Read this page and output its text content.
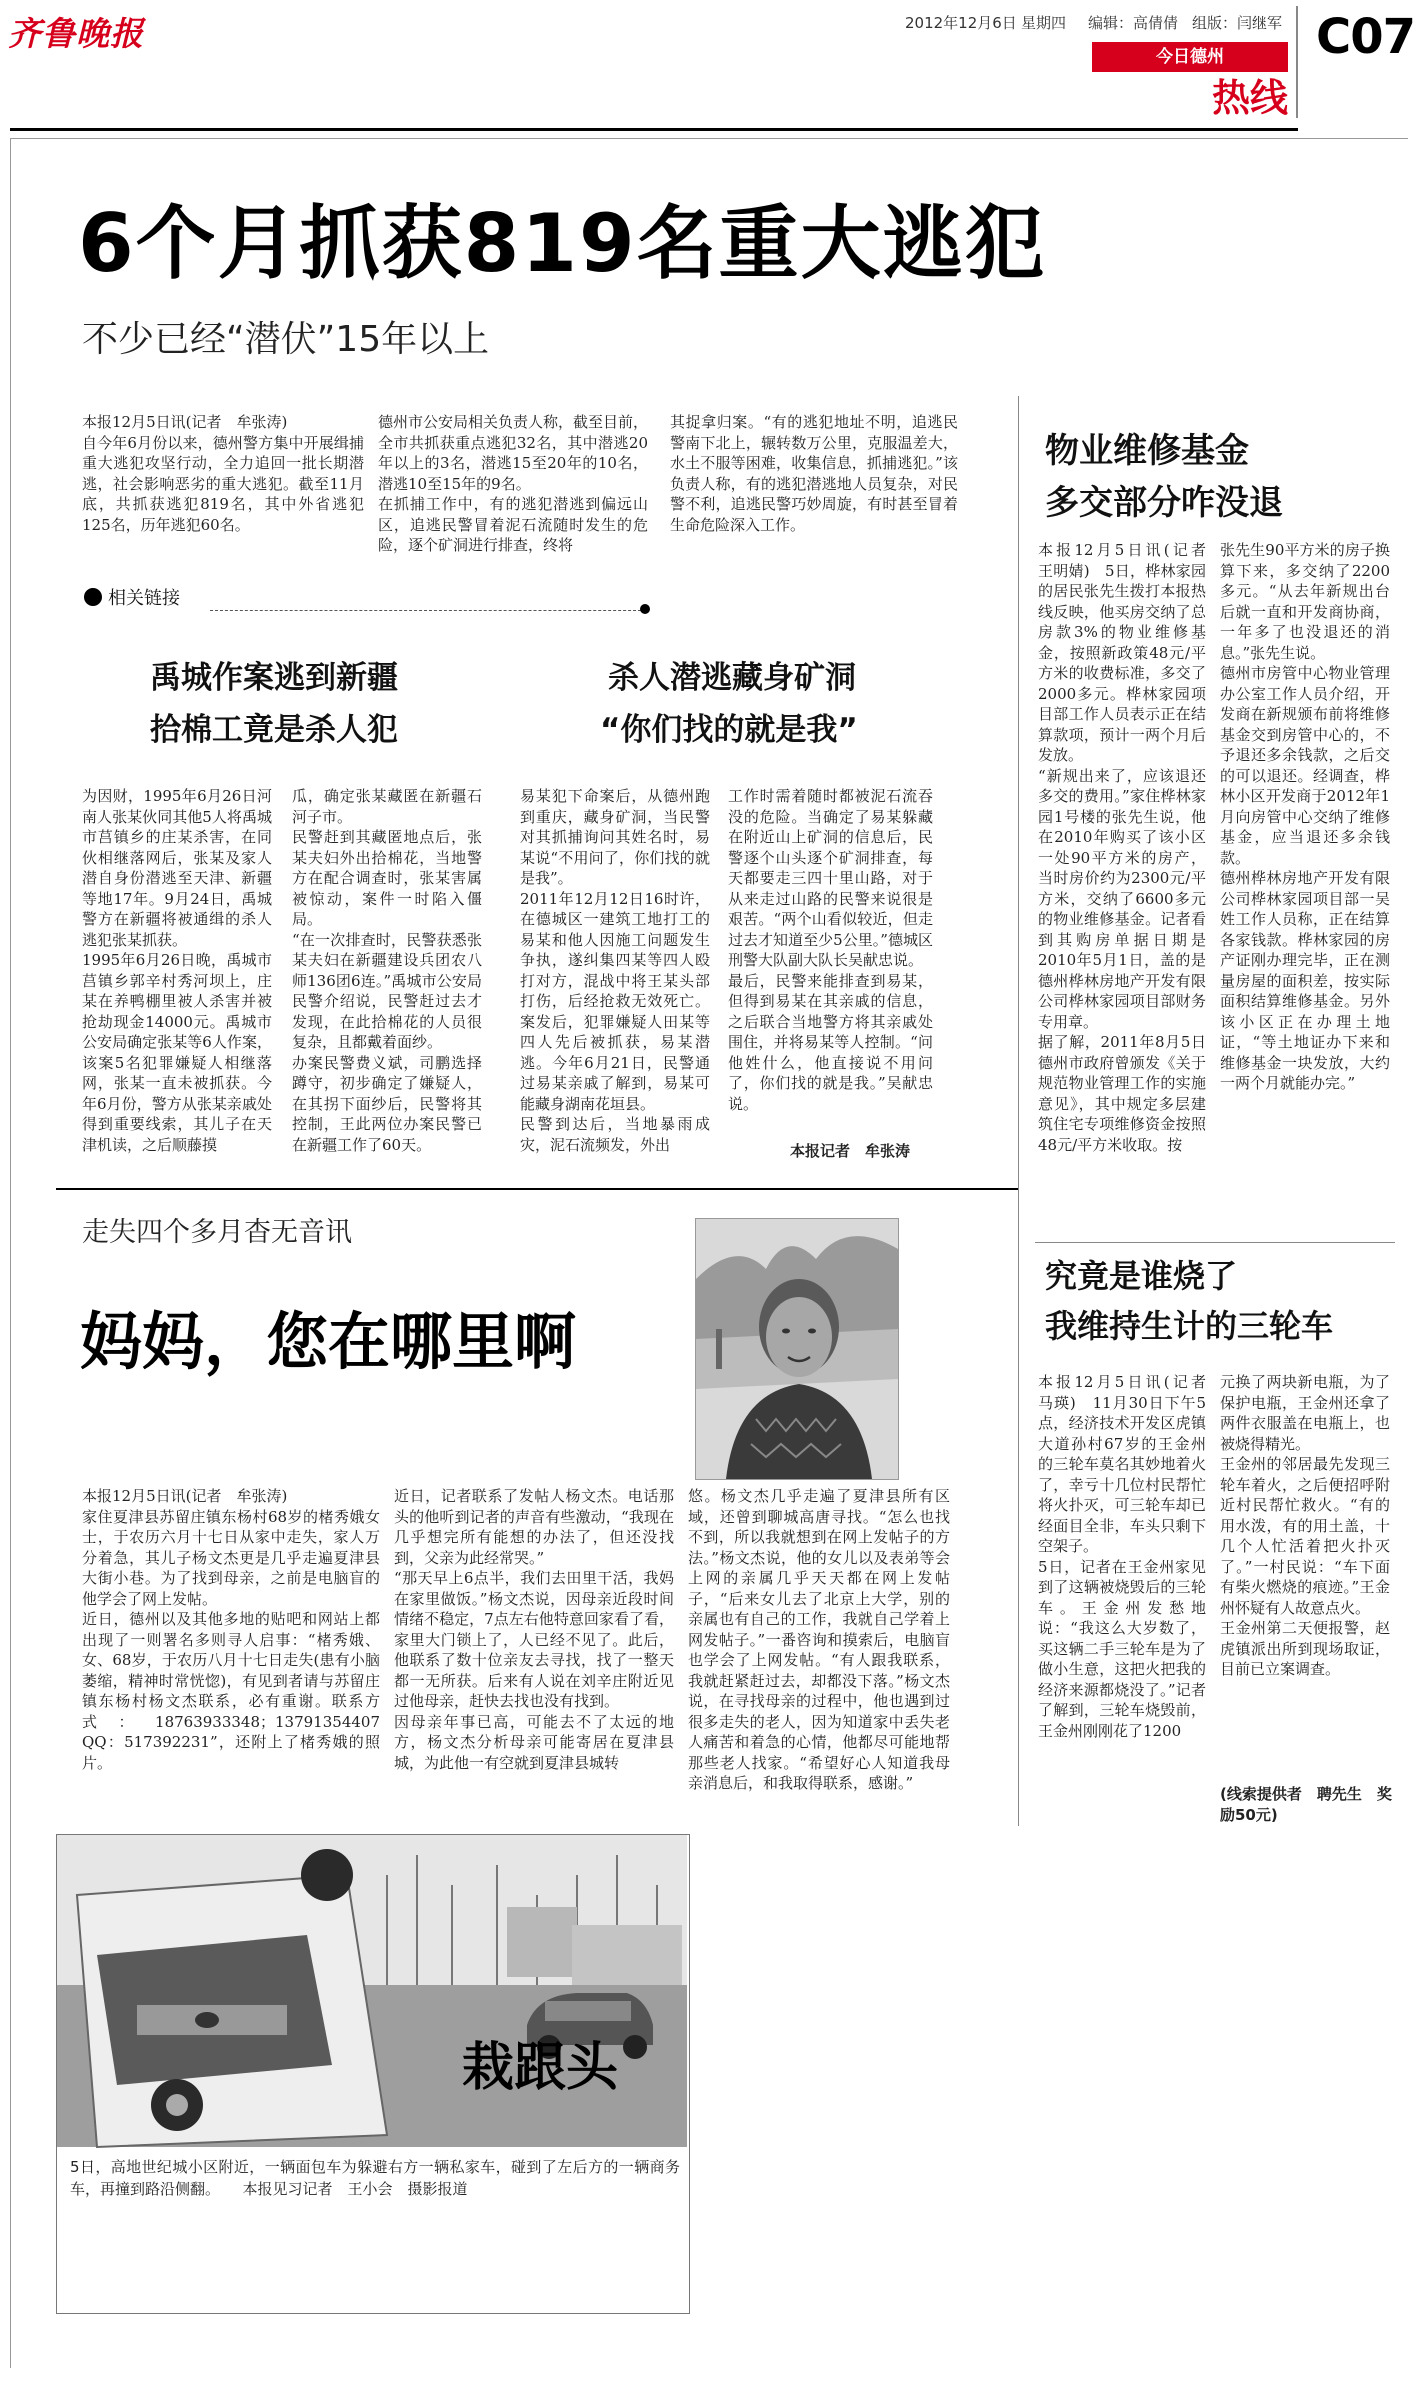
齐鲁晚报	2012年12月6日 星期四 编辑：高倩倩 组版：闫继军 C07
今日德州
热线
6个月抓获819名重大逃犯
不少已经“潜伏”15年以上
本报12月5日讯(记者　牟张涛)
自今年6月份以来，德州警方集中开展缉捕重大逃犯攻坚行动，全力追回一批长期潜逃，社会影响恶劣的重大逃犯。截至11月底，共抓获逃犯819名，其中外省逃犯125名，历年逃犯60名。
德州市公安局相关负责人称，截至目前，全市共抓获重点逃犯32名，其中潜逃20年以上的3名，潜逃15至20年的10名，潜逃10至15年的9名。
在抓捕工作中，有的逃犯潜逃到偏远山区，追逃民警冒着泥石流随时发生的危险，逐个矿洞进行排查，终将
其捉拿归案。“有的逃犯地址不明，追逃民警南下北上，辗转数万公里，克服温差大，水土不服等困难，收集信息，抓捕逃犯。”该负责人称，有的逃犯潜逃地人员复杂，对民警不利，追逃民警巧妙周旋，有时甚至冒着生命危险深入工作。
相关链接
禹城作案逃到新疆
拾棉工竟是杀人犯
为因财，1995年6月26日河南人张某伙同其他5人将禹城市莒镇乡的庄某杀害，在同伙相继落网后，张某及家人潜自身份潜逃至天津、新疆等地17年。9月24日，禹城警方在新疆将被通缉的杀人逃犯张某抓获。
1995年6月26日晚，禹城市莒镇乡郭辛村秀河坝上，庄某在养鸭棚里被人杀害并被抢劫现金14000元。禹城市公安局确定张某等6人作案，该案5名犯罪嫌疑人相继落网，张某一直未被抓获。今年6月份，警方从张某亲戚处得到重要线索，其儿子在天津机读，之后顺藤摸
瓜，确定张某藏匿在新疆石河子市。
民警赶到其藏匿地点后，张某夫妇外出拾棉花，当地警方在配合调查时，张某害属被惊动，案件一时陷入僵局。
“在一次排查时，民警获悉张某夫妇在新疆建设兵团农八师136团6连。”禹城市公安局民警介绍说，民警赶过去才发现，在此拾棉花的人员很复杂，且都戴着面纱。
办案民警费义斌，司鹏选择蹲守，初步确定了嫌疑人，在其拐下面纱后，民警将其控制，王此两位办案民警已在新疆工作了60天。
杀人潜逃藏身矿洞
“你们找的就是我”
易某犯下命案后，从德州跑到重庆，藏身矿洞，当民警对其抓捕询问其姓名时，易某说“不用问了，你们找的就是我”。
2011年12月12日16时许，在德城区一建筑工地打工的易某和他人因施工问题发生争执，遂纠集四某等四人殴打对方，混战中将王某头部打伤，后经抢救无效死亡。案发后，犯罪嫌疑人田某等四人先后被抓获，易某潜逃。今年6月21日，民警通过易某亲戚了解到，易某可能藏身湖南花垣县。
民警到达后，当地暴雨成灾，泥石流频发，外出
工作时需着随时都被泥石流吞没的危险。当确定了易某躲藏在附近山上矿洞的信息后，民警逐个山头逐个矿洞排查，每天都要走三四十里山路，对于从来走过山路的民警来说很是艰苦。“两个山看似较近，但走过去才知道至少5公里。”德城区刑警大队副大队长吴献忠说。
最后，民警来能排查到易某，但得到易某在其亲戚的信息，之后联合当地警方将其亲戚处围住，并将易某等人控制。“问他姓什么，他直接说不用问了，你们找的就是我。”吴献忠说。
本报记者　牟张涛
走失四个多月杳无音讯
妈妈，您在哪里啊
本报12月5日讯(记者　牟张涛)
家住夏津县苏留庄镇东杨村68岁的楮秀娥女士，于农历六月十七日从家中走失，家人万分着急，其儿子杨文杰更是几乎走遍夏津县大街小巷。为了找到母亲，之前是电脑盲的他学会了网上发帖。
近日，德州以及其他多地的贴吧和网站上都出现了一则署名多则寻人启事：“楮秀娥、女、68岁，于农历八月十七日走失(患有小脑萎缩，精神时常恍惚)，有见到者请与苏留庄镇东杨村杨文杰联系，必有重谢。联系方式：18763933348；13791354407　QQ：517392231”，还附上了楮秀娥的照片。
近日，记者联系了发帖人杨文杰。电话那头的他听到记者的声音有些激动，“我现在几乎想完所有能想的办法了，但还没找到，父亲为此经常哭。”
“那天早上6点半，我们去田里干活，我妈在家里做饭。”杨文杰说，因母亲近段时间情绪不稳定，7点左右他特意回家看了看，家里大门锁上了，人已经不见了。此后，他联系了数十位亲友去寻找，找了一整天都一无所获。后来有人说在刘辛庄附近见过他母亲，赶快去找也没有找到。
因母亲年事已高，可能去不了太远的地方，杨文杰分析母亲可能寄居在夏津县城，为此他一有空就到夏津县城转
悠。杨文杰几乎走遍了夏津县所有区域，还曾到聊城高唐寻找。“怎么也找不到，所以我就想到在网上发帖子的方法。”杨文杰说，他的女儿以及表弟等会上网的亲属几乎天天都在网上发帖子，“后来女儿去了北京上大学，别的亲属也有自己的工作，我就自己学着上网发帖子。”一番咨询和摸索后，电脑盲也学会了上网发帖。“有人跟我联系，我就赶紧赶过去，却都没下落。”杨文杰说，在寻找母亲的过程中，他也遇到过很多走失的老人，因为知道家中丢失老人痛苦和着急的心情，他都尽可能地帮那些老人找家。“希望好心人知道我母亲消息后，和我取得联系，感谢。”
栽跟头
5日，高地世纪城小区附近，一辆面包车为躲避右方一辆私家车，碰到了左后方的一辆商务车，再撞到路沿侧翻。　　本报见习记者　王小会　摄影报道
物业维修基金
多交部分咋没退
本报12月5日讯(记者　王明婧)　5日，桦林家园的居民张先生拨打本报热线反映，他买房交纳了总房款3%的物业维修基金，按照新政策48元/平方米的收费标准，多交了2000多元。桦林家园项目部工作人员表示正在结算款项，预计一两个月后发放。
“新规出来了，应该退还多交的费用。”家住桦林家园1号楼的张先生说，他在2010年购买了该小区一处90平方米的房产，当时房价约为2300元/平方米，交纳了6600多元的物业维修基金。记者看到其购房单据日期是2010年5月1日，盖的是德州桦林房地产开发有限公司桦林家园项目部财务专用章。
据了解，2011年8月5日德州市政府曾颁发《关于规范物业管理工作的实施意见》，其中规定多层建筑住宅专项维修资金按照48元/平方米收取。按
张先生90平方米的房子换算下来，多交纳了2200多元。“从去年新规出台后就一直和开发商协商，一年多了也没退还的消息。”张先生说。
德州市房管中心物业管理办公室工作人员介绍，开发商在新规颁布前将维修基金交到房管中心的，不予退还多余钱款，之后交的可以退还。经调查，桦林小区开发商于2012年1月向房管中心交纳了维修基金，应当退还多余钱款。
德州桦林房地产开发有限公司桦林家园项目部一吴姓工作人员称，正在结算各家钱款。桦林家园的房产证刚办理完毕，正在测量房屋的面积差，按实际面积结算维修基金。另外该小区正在办理土地证，“等土地证办下来和维修基金一块发放，大约一两个月就能办完。”
究竟是谁烧了
我维持生计的三轮车
本报12月5日讯(记者　马瑛)　11月30日下午5点，经济技术开发区虎镇大道孙村67岁的王金州的三轮车莫名其妙地着火了，幸亏十几位村民帮忙将火扑灭，可三轮车却已经面目全非，车头只剩下空架子。
5日，记者在王金州家见到了这辆被烧毁后的三轮车。王金州发愁地说：“我这么大岁数了，买这辆二手三轮车是为了做小生意，这把火把我的经济来源都烧没了。”记者了解到，三轮车烧毁前，王金州刚刚花了1200
元换了两块新电瓶，为了保护电瓶，王金州还拿了两件衣服盖在电瓶上，也被烧得精光。
王金州的邻居最先发现三轮车着火，之后便招呼附近村民帮忙救火。“有的用水泼，有的用土盖，十几个人忙活着把火扑灭了。”一村民说：“车下面有柴火燃烧的痕迹。”王金州怀疑有人故意点火。
王金州第二天便报警，赵虎镇派出所到现场取证，目前已立案调查。
(线索提供者　聘先生　奖励50元)
